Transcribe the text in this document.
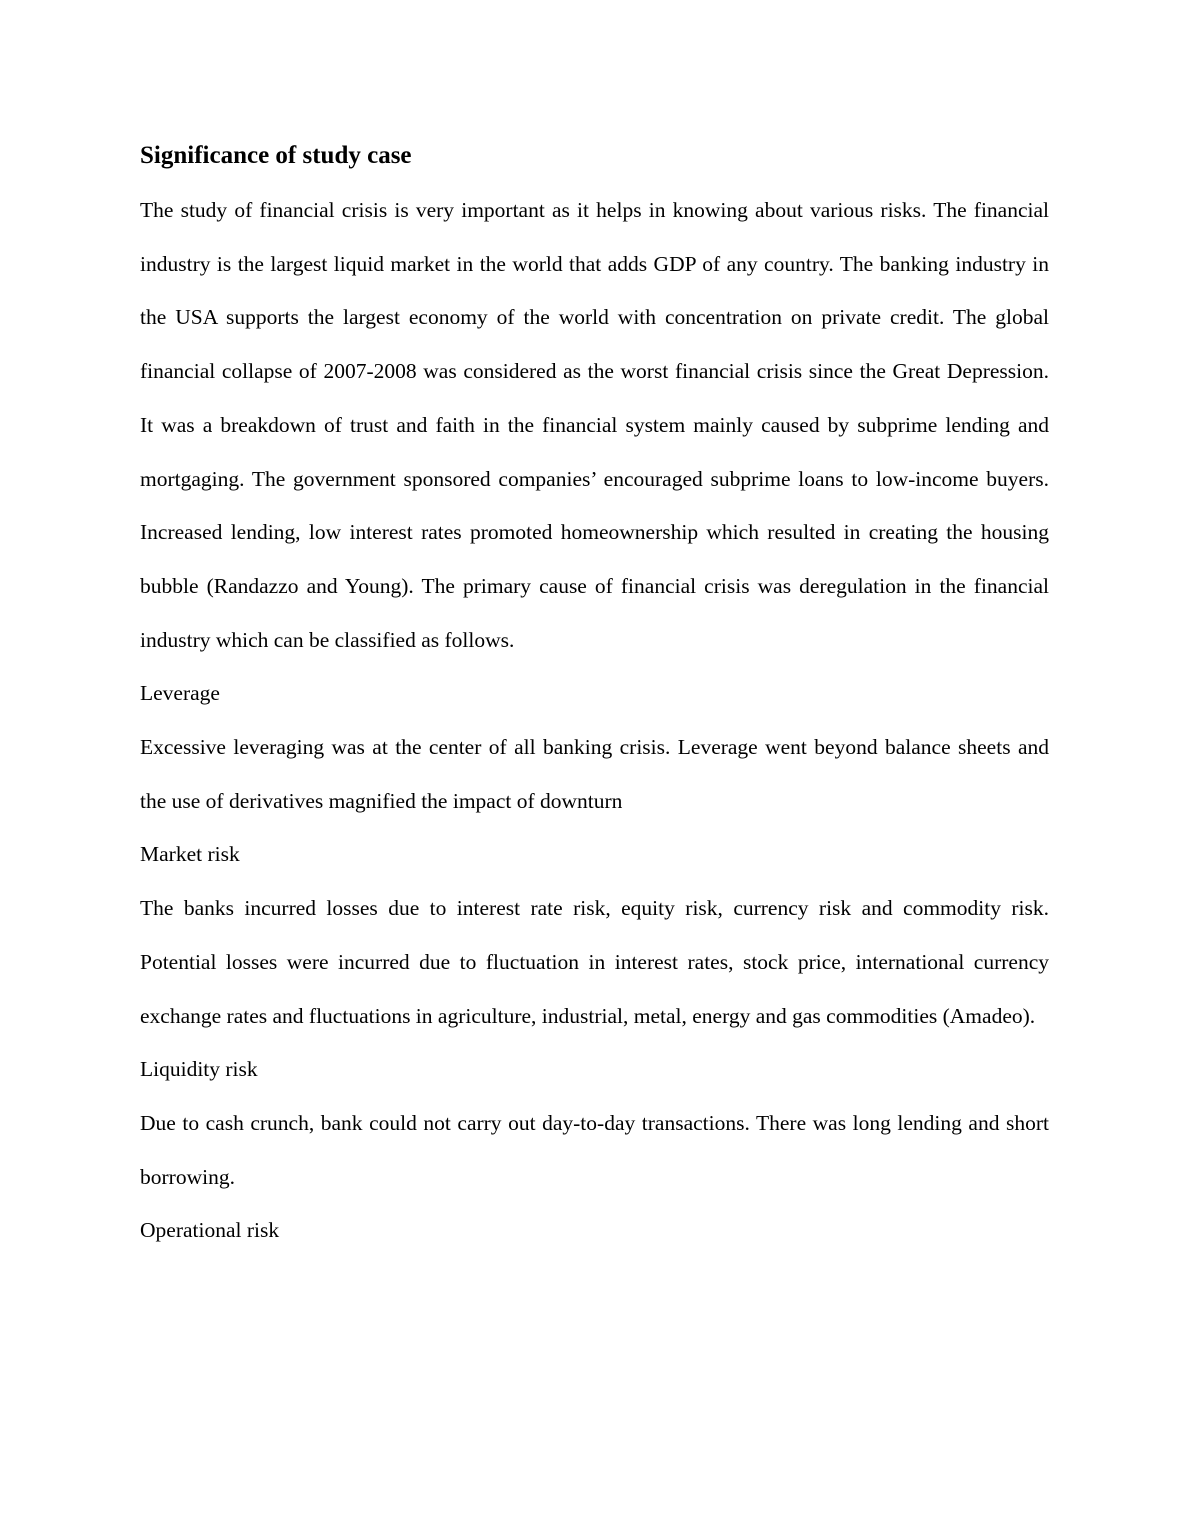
Significance of study case

The study of financial crisis is very important as it helps in knowing about various risks. The financial industry is the largest liquid market in the world that adds GDP of any country. The banking industry in the USA supports the largest economy of the world with concentration on private credit. The global financial collapse of 2007-2008 was considered as the worst financial crisis since the Great Depression. It was a breakdown of trust and faith in the financial system mainly caused by subprime lending and mortgaging. The government sponsored companies’ encouraged subprime loans to low-income buyers. Increased lending, low interest rates promoted homeownership which resulted in creating the housing bubble (Randazzo and Young). The primary cause of financial crisis was deregulation in the financial industry which can be classified as follows.

Leverage

Excessive leveraging was at the center of all banking crisis. Leverage went beyond balance sheets and the use of derivatives magnified the impact of downturn

Market risk

The banks incurred losses due to interest rate risk, equity risk, currency risk and commodity risk. Potential losses were incurred due to fluctuation in interest rates, stock price, international currency exchange rates and fluctuations in agriculture, industrial, metal, energy and gas commodities (Amadeo).

Liquidity risk

Due to cash crunch, bank could not carry out day-to-day transactions. There was long lending and short borrowing.

Operational risk
